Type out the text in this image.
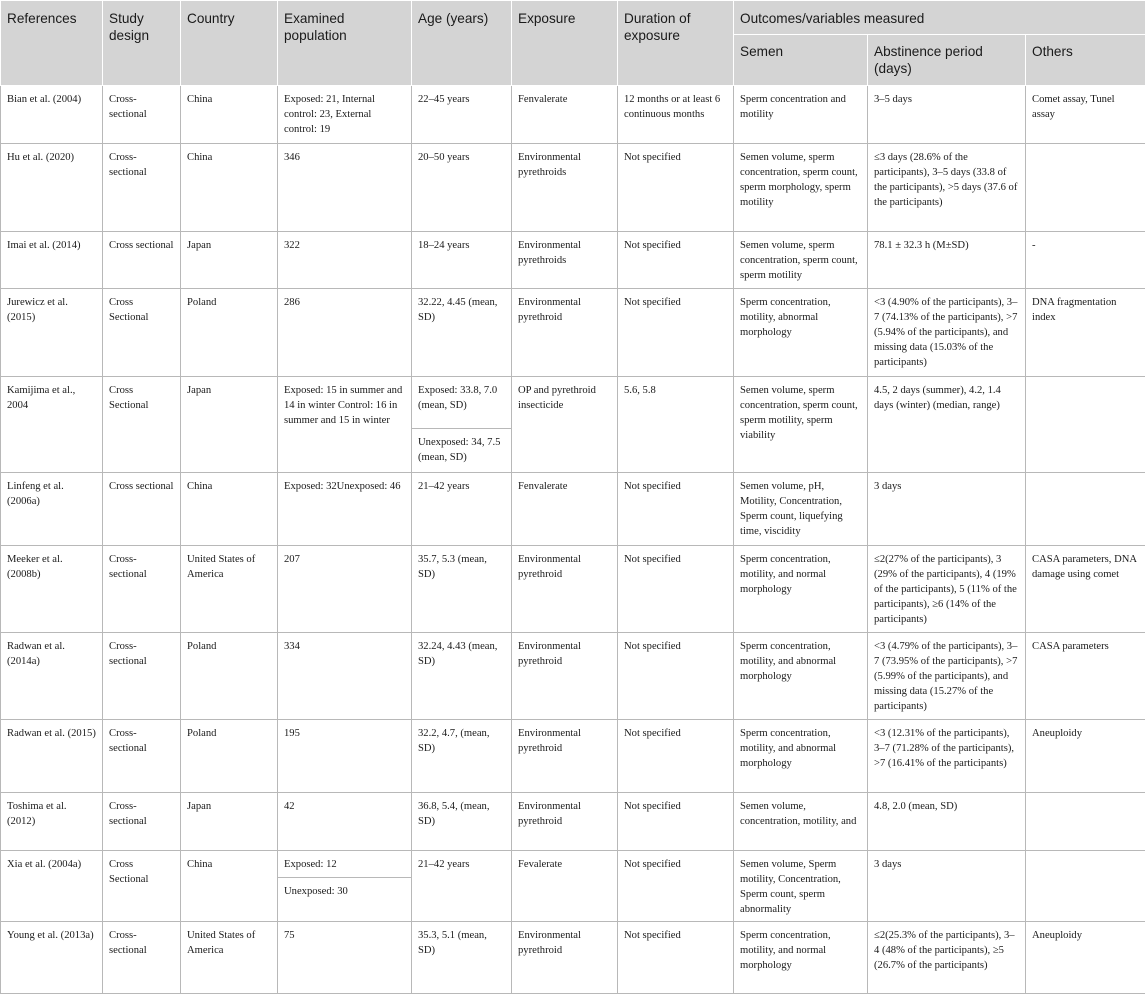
References	Study design	Country	Examined population	Age (years)	Exposure	Duration of exposure	Outcomes/variables measured		
							Semen	Abstinence period (days)	Others
Bian et al. (2004)	Cross-sectional	China	Exposed: 21, Internal control: 23, External control: 19	22–45 years	Fenvalerate	12 months or at least 6 continuous months	Sperm concentration and motility	3–5 days	Comet assay, Tunel assay
Hu et al. (2020)	Cross-sectional	China	346	20–50 years	Environmental pyrethroids	Not specified	Semen volume, sperm concentration, sperm count, sperm morphology, sperm motility	≤3 days (28.6% of the participants), 3–5 days (33.8 of the participants), >5 days (37.6 of the participants)	
Imai et al. (2014)	Cross sectional	Japan	322	18–24 years	Environmental pyrethroids	Not specified	Semen volume, sperm concentration, sperm count, sperm motility	78.1 ± 32.3 h (M±SD)	-
Jurewicz et al. (2015)	Cross Sectional	Poland	286	32.22, 4.45 (mean, SD)	Environmental pyrethroid	Not specified	Sperm concentration, motility, abnormal morphology	<3 (4.90% of the participants), 3–7 (74.13% of the participants), >7 (5.94% of the participants), and missing data (15.03% of the participants)	DNA fragmentation index
Kamijima et al., 2004	Cross Sectional	Japan	Exposed: 15 in summer and 14 in winter Control: 16 in summer and 15 in winter	Exposed: 33.8, 7.0 (mean, SD)	OP and pyrethroid insecticide	5.6, 5.8	Semen volume, sperm concentration, sperm count, sperm motility, sperm viability	4.5, 2 days (summer), 4.2, 1.4 days (winter) (median, range)	
				Unexposed: 34, 7.5 (mean, SD)					
Linfeng et al. (2006a)	Cross sectional	China	Exposed: 32Unexposed: 46	21–42 years	Fenvalerate	Not specified	Semen volume, pH, Motility, Concentration, Sperm count, liquefying time, viscidity	3 days	
Meeker et al. (2008b)	Cross-sectional	United States of America	207	35.7, 5.3 (mean, SD)	Environmental pyrethroid	Not specified	Sperm concentration, motility, and normal morphology	≤2(27% of the participants), 3 (29% of the participants), 4 (19% of the participants), 5 (11% of the participants), ≥6 (14% of the participants)	CASA parameters, DNA damage using comet
Radwan et al. (2014a)	Cross-sectional	Poland	334	32.24, 4.43 (mean, SD)	Environmental pyrethroid	Not specified	Sperm concentration, motility, and abnormal morphology	<3 (4.79% of the participants), 3–7 (73.95% of the participants), >7 (5.99% of the participants), and missing data (15.27% of the participants)	CASA parameters
Radwan et al. (2015)	Cross-sectional	Poland	195	32.2, 4.7, (mean, SD)	Environmental pyrethroid	Not specified	Sperm concentration, motility, and abnormal morphology	<3 (12.31% of the participants), 3–7 (71.28% of the participants), >7 (16.41% of the participants)	Aneuploidy
Toshima et al. (2012)	Cross-sectional	Japan	42	36.8, 5.4, (mean, SD)	Environmental pyrethroid	Not specified	Semen volume, concentration, motility, and	4.8, 2.0 (mean, SD)	
Xia et al. (2004a)	Cross Sectional	China	Exposed: 12	21–42 years	Fevalerate	Not specified	Semen volume, Sperm motility, Concentration, Sperm count, sperm abnormality	3 days	
			Unexposed: 30						
Young et al. (2013a)	Cross-sectional	United States of America	75	35.3, 5.1 (mean, SD)	Environmental pyrethroid	Not specified	Sperm concentration, motility, and normal morphology	≤2(25.3% of the participants), 3–4 (48% of the participants), ≥5 (26.7% of the participants)	Aneuploidy
